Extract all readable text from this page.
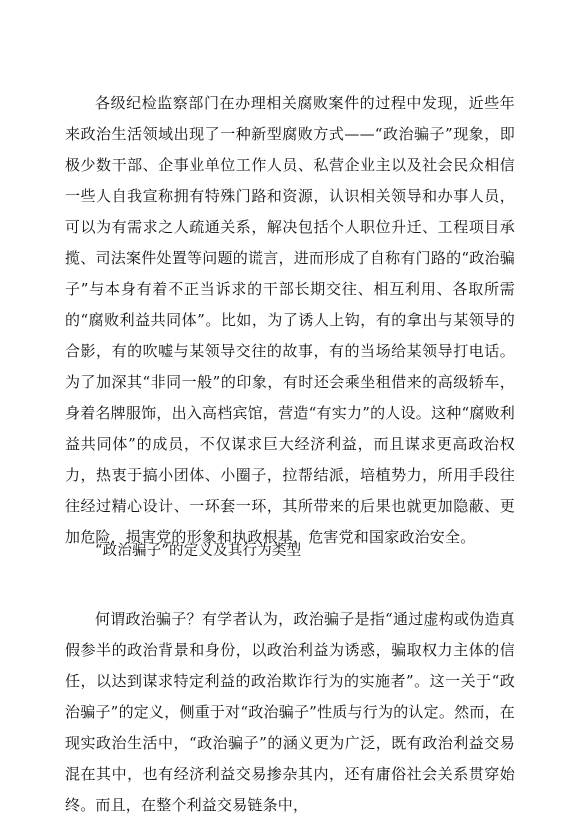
各级纪检监察部门在办理相关腐败案件的过程中发现，近些年来政治生活领域出现了一种新型腐败方式——“政治骗子”现象，即极少数干部、企事业单位工作人员、私营企业主以及社会民众相信一些人自我宣称拥有特殊门路和资源，认识相关领导和办事人员，可以为有需求之人疏通关系，解决包括个人职位升迁、工程项目承揽、司法案件处置等问题的谎言，进而形成了自称有门路的“政治骗子”与本身有着不正当诉求的干部长期交往、相互利用、各取所需的“腐败利益共同体”。比如，为了诱人上钩，有的拿出与某领导的合影，有的吹嘘与某领导交往的故事，有的当场给某领导打电话。为了加深其“非同一般”的印象，有时还会乘坐租借来的高级轿车，身着名牌服饰，出入高档宾馆，营造“有实力”的人设。这种“腐败利益共同体”的成员，不仅谋求巨大经济利益，而且谋求更高政治权力，热衷于搞小团体、小圈子，拉帮结派，培植势力，所用手段往往经过精心设计、一环套一环，其所带来的后果也就更加隐蔽、更加危险，损害党的形象和执政根基，危害党和国家政治安全。

“政治骗子”的定义及其行为类型

何谓政治骗子？有学者认为，政治骗子是指“通过虚构或伪造真假参半的政治背景和身份，以政治利益为诱惑，骗取权力主体的信任，以达到谋求特定利益的政治欺诈行为的实施者”。这一关于“政治骗子”的定义，侧重于对“政治骗子”性质与行为的认定。然而，在现实政治生活中，“政治骗子”的涵义更为广泛，既有政治利益交易混在其中，也有经济利益交易掺杂其内，还有庸俗社会关系贯穿始终。而且，在整个利益交易链条中，
